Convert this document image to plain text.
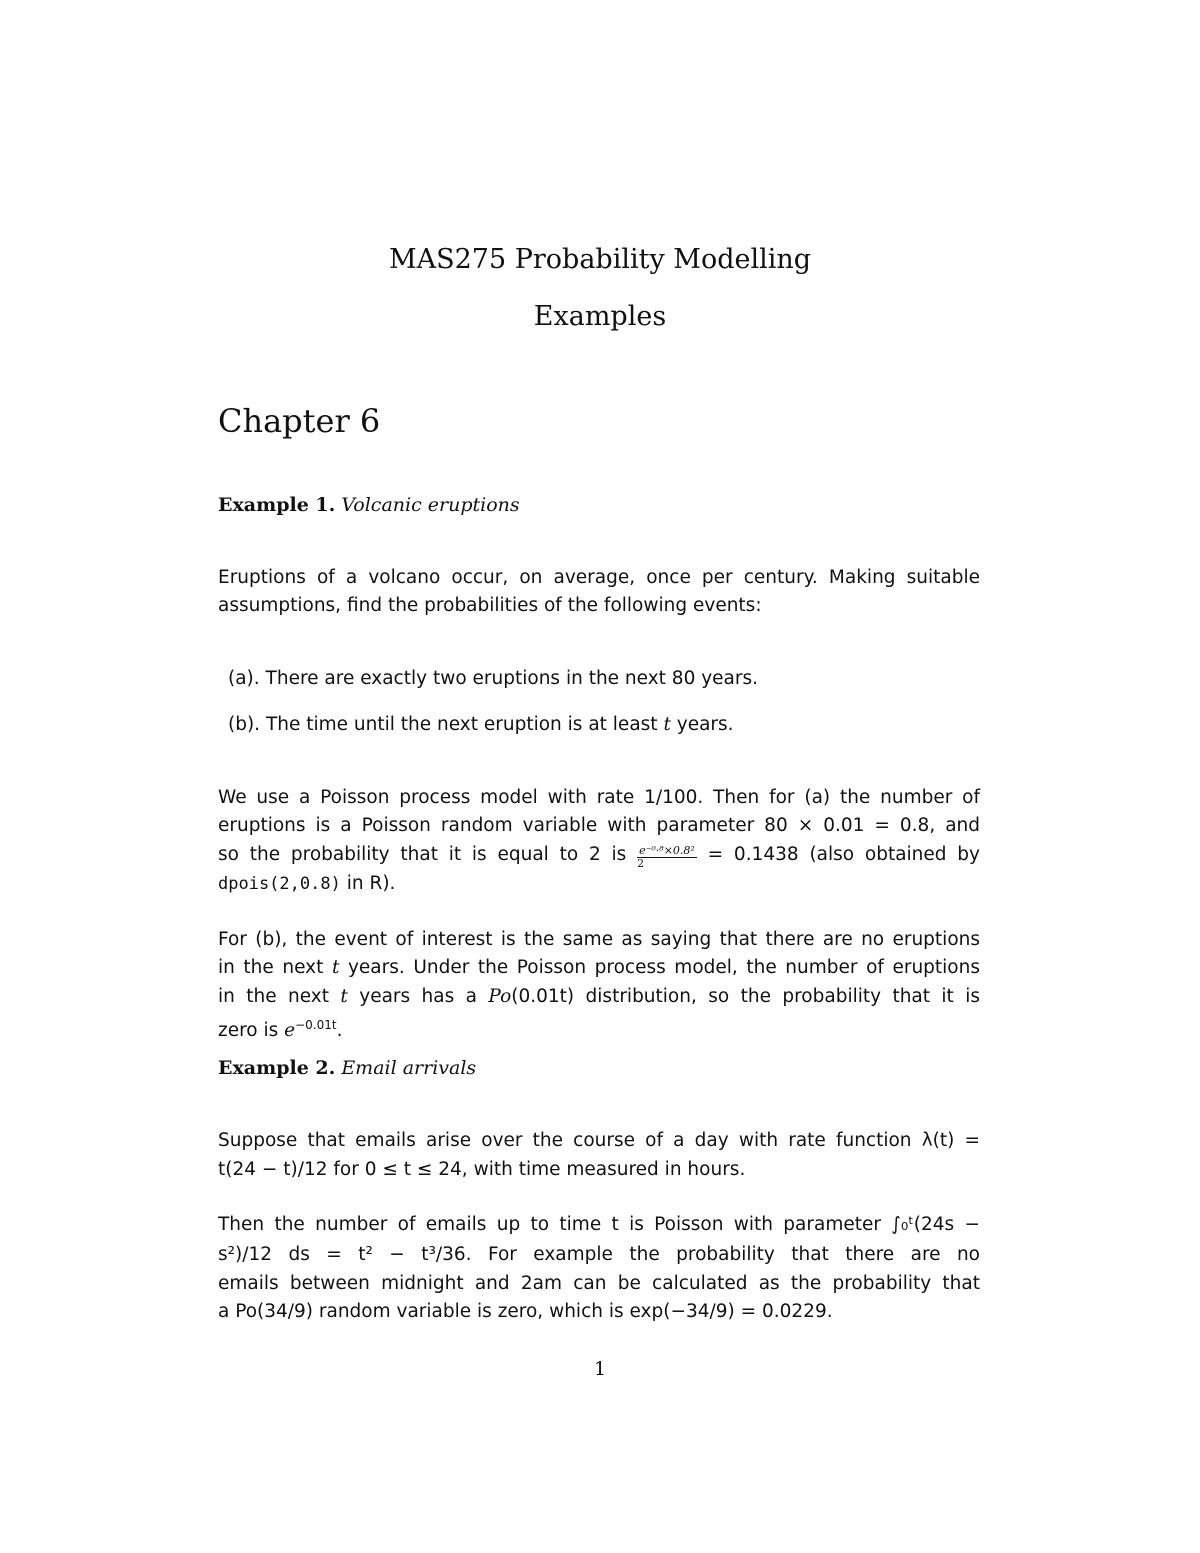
MAS275 Probability Modelling
Examples
Chapter 6
Example 1. Volcanic eruptions
Eruptions of a volcano occur, on average, once per century. Making suitable
assumptions, find the probabilities of the following events:
(a). There are exactly two eruptions in the next 80 years.
(b). The time until the next eruption is at least t years.
We use a Poisson process model with rate 1/100. Then for (a) the number of
eruptions is a Poisson random variable with parameter 80 × 0.01 = 0.8, and
so the probability that it is equal to 2 is $\frac{\text{e⁻⁰·⁸×0.8²}}{2} = 0.1438$ (also obtained by
dpois(2,0.8) in R).
For (b), the event of interest is the same as saying that there are no eruptions
in the next t years. Under the Poisson process model, the number of eruptions
in the next t years has a Po(0.01t) distribution, so the probability that it is
zero is $e^{-0.01t}$.
Example 2. Email arrivals
Suppose that emails arise over the course of a day with rate function λ(t) =
t(24 − t)/12 for 0 ≤ t ≤ 24, with time measured in hours.
Then the number of emails up to time t is Poisson with parameter ∫₀ᵗ(24s −
s²)/12 ds = t² − t³/36. For example the probability that there are no
emails between midnight and 2am can be calculated as the probability that
a Po(34/9) random variable is zero, which is exp(−34/9) = 0.0229.
1
